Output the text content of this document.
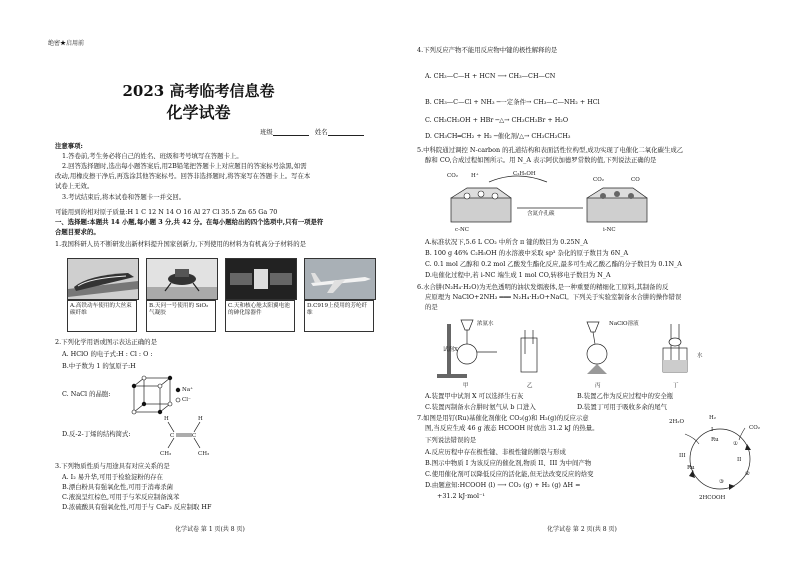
绝密★启用前
2023 高考临考信息卷
化学试卷
班级	姓名
注意事项:
1.答卷前,考生务必将自己的姓名、班级和考号填写在答题卡上。
2.回答选择题时,选出每小题答案后,用2B铅笔把答题卡上对应题目的答案标号涂黑,如需
改动,用橡皮擦干净后,再选涂其他答案标号。回答非选择题时,将答案写在答题卡上。写在本
试卷上无效。
3.考试结束后,将本试卷和答题卡一并交回。
可能用到的相对原子质量:H 1 C 12 N 14 O 16 Al 27 Cl 35.5 Zn 65 Ga 70
一、选择题:本题共 14 小题,每小题 3 分,共 42 分。在每小题给出的四个选项中,只有一项是符
合题目要求的。
1.我国科研人员不断研发出新材料提升国家创新力,下列使用的材料为有机高分子材料的是
A.高铁动车使用的大丝束碳纤维
B.天问一号使用的 SiO₂ 气凝胶
C.天和核心舱太阳翼电池的砷化镓器件
D.C919上使用的芳纶纤维
2.下列化学用语或图示表达正确的是
A. HClO 的电子式:H : Cl : O :
B.中子数为 1 的氢原子:H
C. NaCl 的晶胞:	Na⁺
Cl⁻
D.反-2-丁烯的结构简式:
H
C	C
H
CH₃	CH₃
3.下列物质性质与用途具有对应关系的是
A. I₂ 易升华,可用于检验淀粉的存在
B.漂白粉具有强氧化性,可用于消毒杀菌
C.液溴呈红棕色,可用于与苯反应制备溴苯
D.浓硫酸具有强氧化性,可用于与 CaF₂ 反应制取 HF
化学试卷 第 1 页(共 8 页)
4.下列反应产物不能用反应物中键的极性解释的是
A. CH₃—C—H + HCN ⟶ CH₃—CH—CN
B. CH₃—C—Cl + NH₃ ─一定条件→ CH₃—C—NH₂ + HCl
C. CH₃CH₂OH + HBr ─△→ CH₃CH₂Br + H₂O
D. CH₃CH═CH₂ + H₂ ─催化剂/△→ CH₃CH₂CH₃
5.中科院通过调控 N-carbon 的孔道结构和表面活性位构型,成功实现了电催化二氧化碳生成乙
醇和 CO,合成过程如图所示。用 N_A 表示阿伏加德罗常数的值,下列说法正确的是
CO₂ H⁺	C₂H₅OH
CO₂	CO
含氮介孔碳
c-NC	i-NC
A.标准状况下,5.6 L CO₂ 中所含 π 键的数目为 0.25N_A
B. 100 g 46% C₂H₅OH 的水溶液中采取 sp³ 杂化的原子数目为 6N_A
C. 0.1 mol 乙醇和 0.2 mol 乙酸发生酯化反应,最多可生成乙酸乙酯的分子数目为 0.1N_A
D.电催化过程中,若 i-NC 端生成 1 mol CO,转移电子数目为 N_A
6.水合肼(N₂H₄·H₂O)为无色透明的油状发烟液体,是一种重要的精细化工原料,其制备的反
应原理为 NaClO+2NH₃ ═══ N₂H₄·H₂O+NaCl。下列关于实验室制备水合肼的操作错误
的是
浓氨水
试剂X
NaClO溶液
水
甲	乙	丙	丁
A.装置甲中试剂 X 可以选择生石灰	B.装置乙作为反应过程中的安全瓶
C.装置丙制备水合肼时氨气从 b 口进入	D.装置丁可用于吸收多余的尾气
7.如图是用钌(Ru)基催化剂催化 CO₂(g)和 H₂(g)的反应示意
图,当反应生成 46 g 液态 HCOOH 时放出 31.2 kJ 的热量。
下列说法错误的是
A.反应历程中存在极性键、非极性键的断裂与形成
B.图示中物质 I 为该反应的催化剂,物质 II、III 为中间产物
C.使用催化剂可以降低反应的活化能,但无法改变反应的焓变
D.由题意知:HCOOH (l) ⟶ CO₂ (g) + H₂ (g) ΔH =
+31.2 kJ·mol⁻¹
2H₂O
H₂
CO₂
Ru
Ru
I
II
III
2HCOOH
①
②
③
化学试卷 第 2 页(共 8 页)
